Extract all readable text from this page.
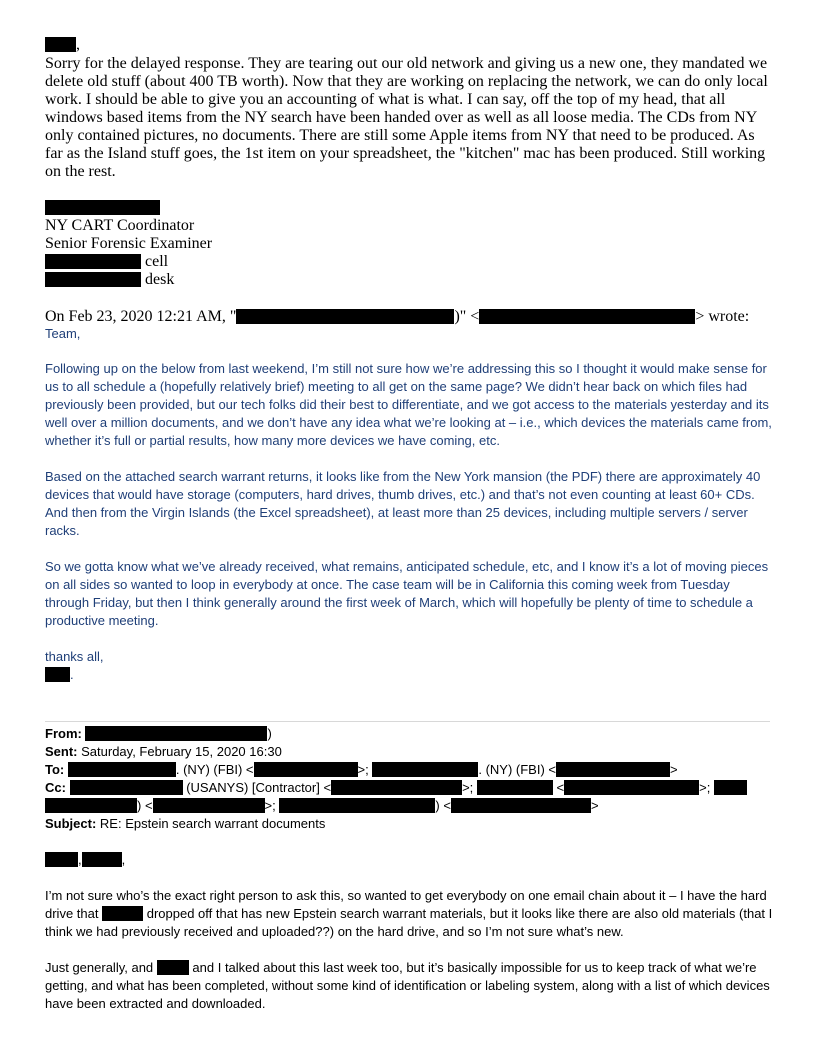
,

Sorry for the delayed response. They are tearing out our old network and giving us a new one, they mandated we delete old stuff (about 400 TB worth). Now that they are working on replacing the network, we can do only local work. I should be able to give you an accounting of what is what. I can say, off the top of my head, that all windows based items from the NY search have been handed over as well as all loose media. The CDs from NY only contained pictures, no documents. There are still some Apple items from NY that need to be produced. As far as the Island stuff goes, the 1st item on your spreadsheet, the "kitchen" mac has been produced. Still working on the rest.

NY CART Coordinator
Senior Forensic Examiner
cell
desk
On Feb 23, 2020 12:21 AM, "	)" <	> wrote:
Team,

Following up on the below from last weekend, I’m still not sure how we’re addressing this so I thought it would make sense for us to all schedule a (hopefully relatively brief) meeting to all get on the same page? We didn’t hear back on which files had previously been provided, but our tech folks did their best to differentiate, and we got access to the materials yesterday and its well over a million documents, and we don’t have any idea what we’re looking at – i.e., which devices the materials came from, whether it’s full or partial results, how many more devices we have coming, etc.

Based on the attached search warrant returns, it looks like from the New York mansion (the PDF) there are approximately 40 devices that would have storage (computers, hard drives, thumb drives, etc.) and that’s not even counting at least 60+ CDs. And then from the Virgin Islands (the Excel spreadsheet), at least more than 25 devices, including multiple servers / server racks.

So we gotta know what we’ve already received, what remains, anticipated schedule, etc, and I know it’s a lot of moving pieces on all sides so wanted to loop in everybody at once. The case team will be in California this coming week from Tuesday through Friday, but then I think generally around the first week of March, which will hopefully be plenty of time to schedule a productive meeting.

thanks all,
.
From:	)
Sent: Saturday, February 15, 2020 16:30
To:	. (NY) (FBI) <	>;	. (NY) (FBI) <	>
Cc:	(USANYS) [Contractor] <	>;	<	>;
) <	>;	) <	>
Subject: RE: Epstein search warrant documents
,	,

I’m not sure who’s the exact right person to ask this, so wanted to get everybody on one email chain about it – I have the hard drive that	dropped off that has new Epstein search warrant materials, but it looks like there are also old materials (that I think we had previously received and uploaded??) on the hard drive, and so I’m not sure what’s new.

Just generally, and	and I talked about this last week too, but it’s basically impossible for us to keep track of what we’re getting, and what has been completed, without some kind of identification or labeling system, along with a list of which devices have been extracted and downloaded.
